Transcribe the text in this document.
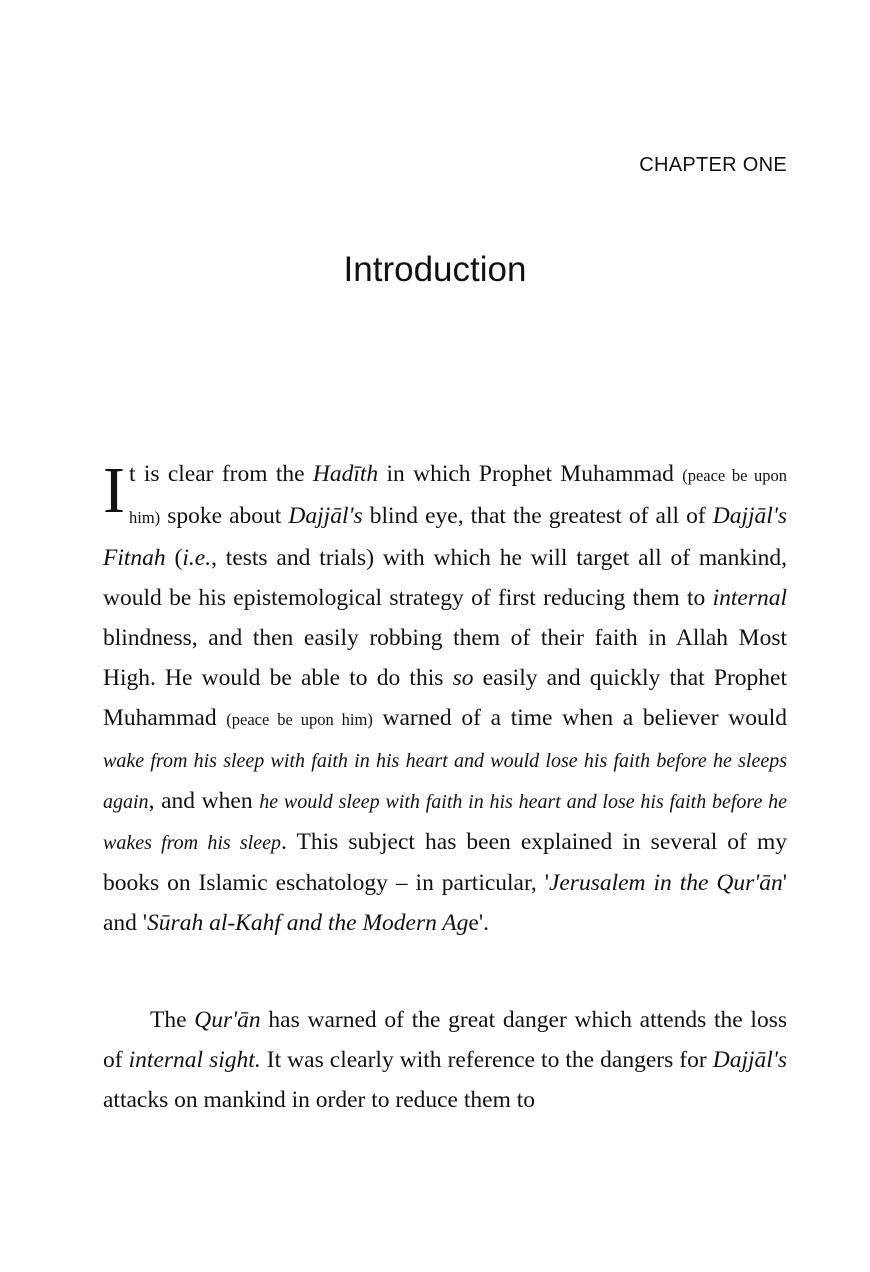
CHAPTER ONE
Introduction

It is clear from the Hadīth in which Prophet Muhammad (peace be upon him) spoke about Dajjāl's blind eye, that the greatest of all of Dajjāl's Fitnah (i.e., tests and trials) with which he will target all of mankind, would be his epistemological strategy of first reducing them to internal blindness, and then easily robbing them of their faith in Allah Most High. He would be able to do this so easily and quickly that Prophet Muhammad (peace be upon him) warned of a time when a believer would wake from his sleep with faith in his heart and would lose his faith before he sleeps again, and when he would sleep with faith in his heart and lose his faith before he wakes from his sleep. This subject has been explained in several of my books on Islamic eschatology – in particular, 'Jerusalem in the Qur'ān' and 'Sūrah al-Kahf and the Modern Age'.

The Qur'ān has warned of the great danger which attends the loss of internal sight. It was clearly with reference to the dangers for Dajjāl's attacks on mankind in order to reduce them to
